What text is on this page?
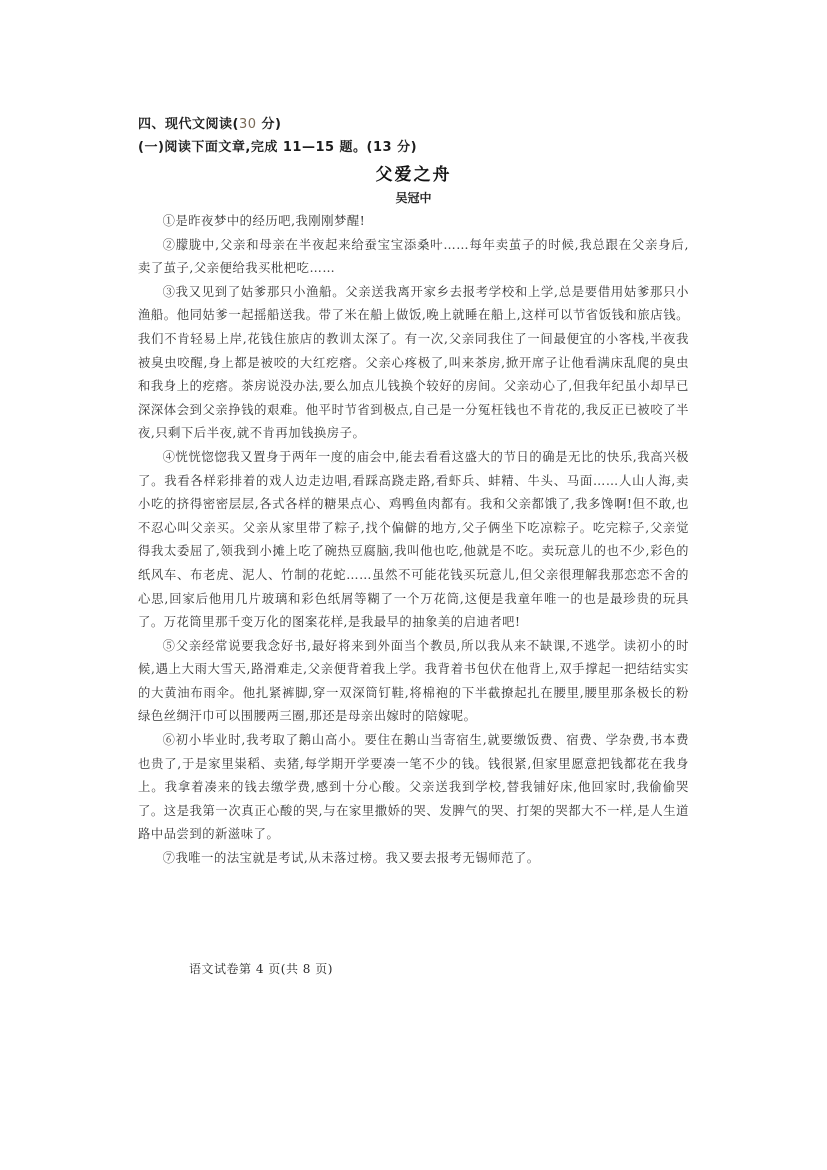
四、现代文阅读(30 分)
(一)阅读下面文章,完成 11—15 题。(13 分)
父爱之舟
吴冠中

①是昨夜梦中的经历吧,我刚刚梦醒!

②朦胧中,父亲和母亲在半夜起来给蚕宝宝添桑叶……每年卖茧子的时候,我总跟在父亲身后,卖了茧子,父亲便给我买枇杷吃……

③我又见到了姑爹那只小渔船。父亲送我离开家乡去报考学校和上学,总是要借用姑爹那只小渔船。他同姑爹一起摇船送我。带了米在船上做饭,晚上就睡在船上,这样可以节省饭钱和旅店钱。我们不肯轻易上岸,花钱住旅店的教训太深了。有一次,父亲同我住了一间最便宜的小客栈,半夜我被臭虫咬醒,身上都是被咬的大红疙瘩。父亲心疼极了,叫来茶房,掀开席子让他看满床乱爬的臭虫和我身上的疙瘩。茶房说没办法,要么加点儿钱换个较好的房间。父亲动心了,但我年纪虽小却早已深深体会到父亲挣钱的艰难。他平时节省到极点,自己是一分冤枉钱也不肯花的,我反正已被咬了半夜,只剩下后半夜,就不肯再加钱换房子。

④恍恍惚惚我又置身于两年一度的庙会中,能去看看这盛大的节日的确是无比的快乐,我高兴极了。我看各样彩排着的戏人边走边唱,看踩高跷走路,看虾兵、蚌精、牛头、马面……人山人海,卖小吃的挤得密密层层,各式各样的糖果点心、鸡鸭鱼肉都有。我和父亲都饿了,我多馋啊!但不敢,也不忍心叫父亲买。父亲从家里带了粽子,找个偏僻的地方,父子俩坐下吃凉粽子。吃完粽子,父亲觉得我太委屈了,领我到小摊上吃了碗热豆腐脑,我叫他也吃,他就是不吃。卖玩意儿的也不少,彩色的纸风车、布老虎、泥人、竹制的花蛇……虽然不可能花钱买玩意儿,但父亲很理解我那恋恋不舍的心思,回家后他用几片玻璃和彩色纸屑等糊了一个万花筒,这便是我童年唯一的也是最珍贵的玩具了。万花筒里那千变万化的图案花样,是我最早的抽象美的启迪者吧!

⑤父亲经常说要我念好书,最好将来到外面当个教员,所以我从来不缺课,不逃学。读初小的时候,遇上大雨大雪天,路滑难走,父亲便背着我上学。我背着书包伏在他背上,双手撑起一把结结实实的大黄油布雨伞。他扎紧裤脚,穿一双深筒钉鞋,将棉袍的下半截撩起扎在腰里,腰里那条极长的粉绿色丝绸汗巾可以围腰两三圈,那还是母亲出嫁时的陪嫁呢。

⑥初小毕业时,我考取了鹅山高小。要住在鹅山当寄宿生,就要缴饭费、宿费、学杂费,书本费也贵了,于是家里粜稻、卖猪,每学期开学要凑一笔不少的钱。钱很紧,但家里愿意把钱都花在我身上。我拿着凑来的钱去缴学费,感到十分心酸。父亲送我到学校,替我铺好床,他回家时,我偷偷哭了。这是我第一次真正心酸的哭,与在家里撒娇的哭、发脾气的哭、打架的哭都大不一样,是人生道路中品尝到的新滋味了。

⑦我唯一的法宝就是考试,从未落过榜。我又要去报考无锡师范了。

语文试卷第 4 页(共 8 页)
